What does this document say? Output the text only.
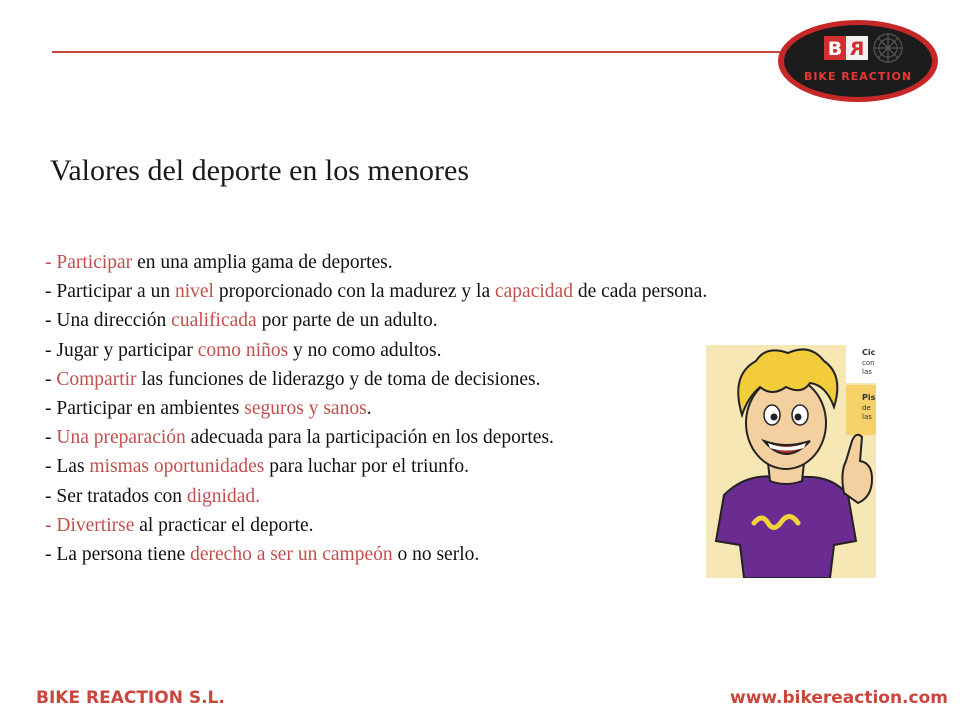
B R
BIKE REACTION
Valores del deporte en los menores
- Participar en una amplia gama de deportes.
- Participar a un nivel proporcionado con la madurez y la capacidad de cada persona.
- Una dirección cualificada por parte de un adulto.
- Jugar y participar como niños y no como adultos.
- Compartir las funciones de liderazgo y de toma de decisiones.
- Participar en ambientes seguros y sanos.
- Una preparación adecuada para la participación en los deportes.
- Las mismas oportunidades para luchar por el triunfo.
- Ser tratados con dignidad.
- Divertirse al practicar el deporte.
- La persona tiene derecho a ser un campeón o no serlo.
Cic
con
las
Pis
de
las
BIKE REACTION S.L.	www.bikereaction.com
